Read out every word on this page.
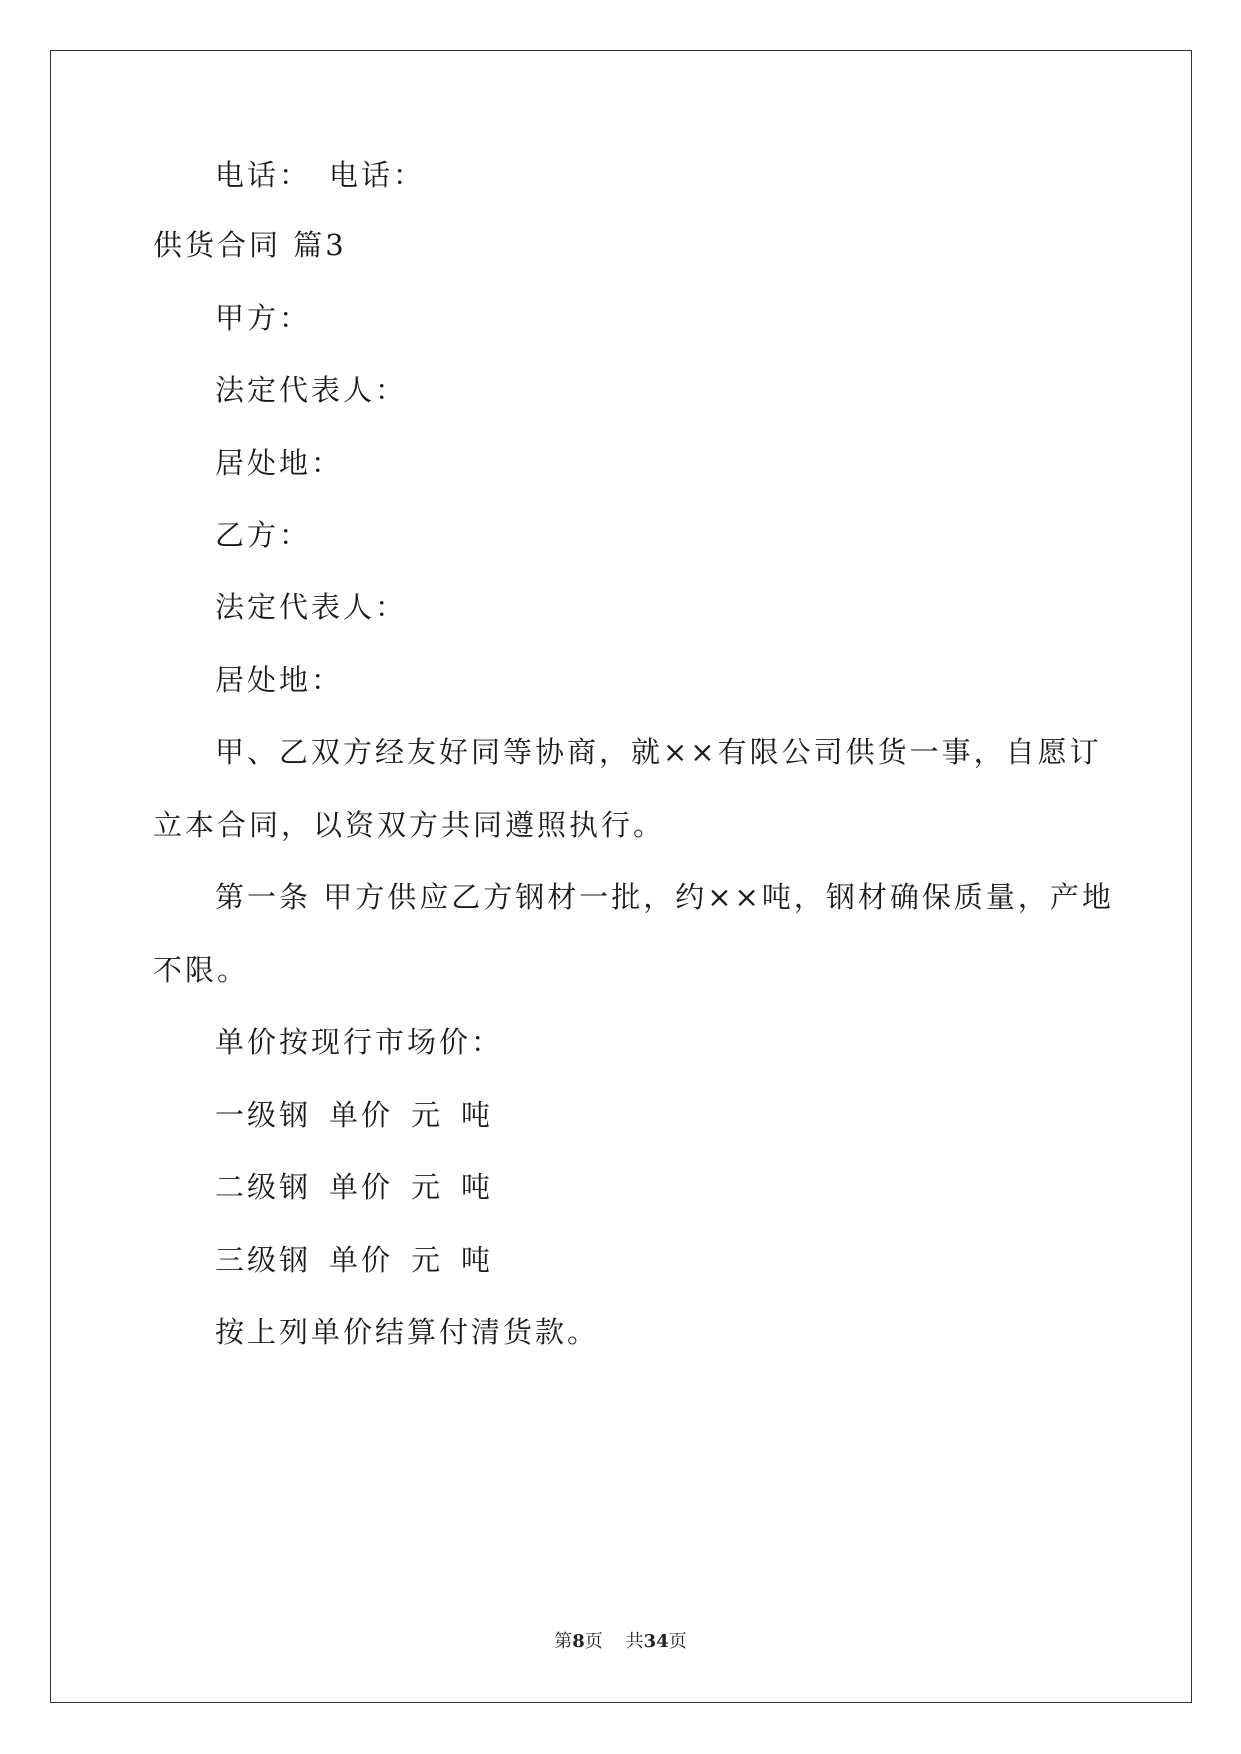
电话： 电话：
供货合同 篇3
甲方：
法定代表人：
居处地：
乙方：
法定代表人：
居处地：
甲、乙双方经友好同等协商，就××有限公司供货一事，自愿订
立本合同，以资双方共同遵照执行。
第一条 甲方供应乙方钢材一批，约××吨，钢材确保质量，产地
不限。
单价按现行市场价：
一级钢 单价 元 吨
二级钢 单价 元 吨
三级钢 单价 元 吨
按上列单价结算付清货款。
第8页 共34页
